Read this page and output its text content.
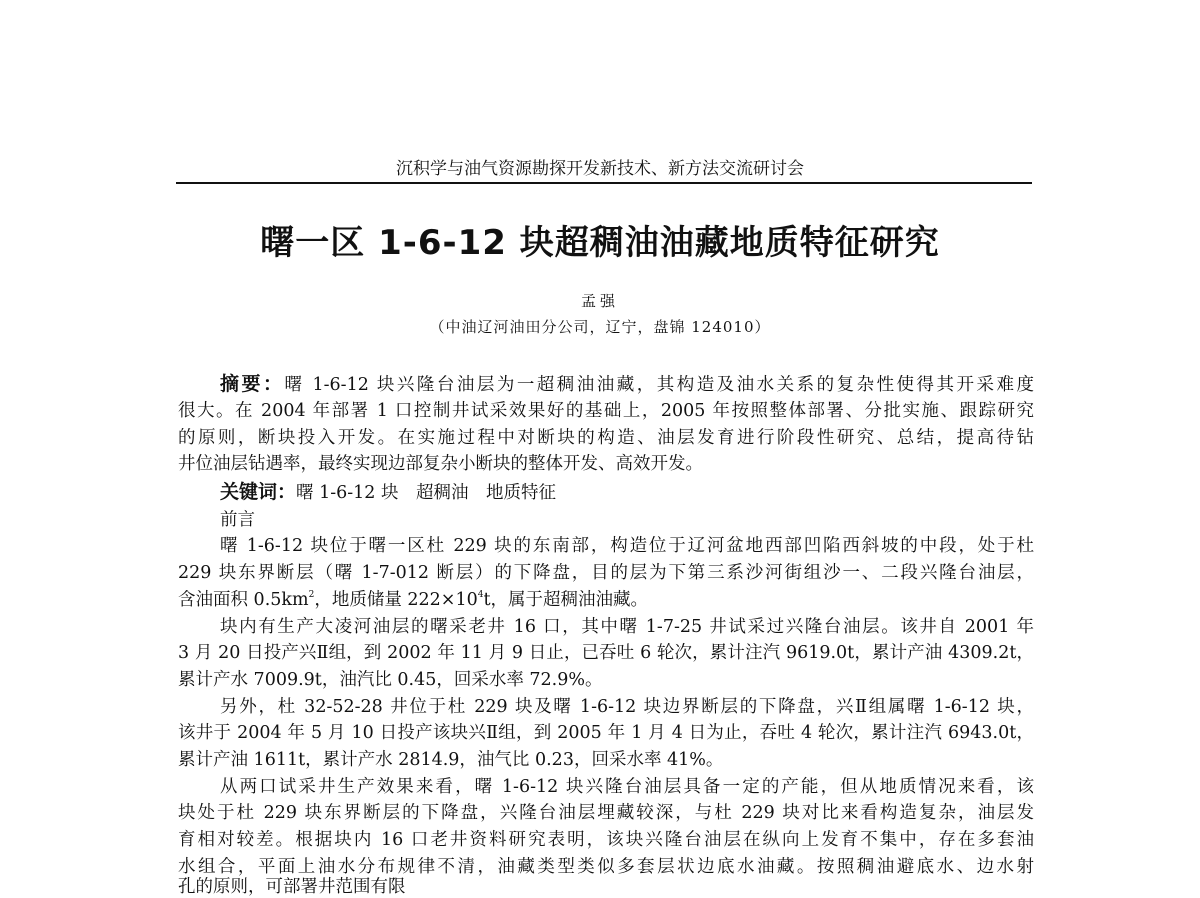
沉积学与油气资源勘探开发新技术、新方法交流研讨会
曙一区 1-6-12 块超稠油油藏地质特征研究
孟强
（中油辽河油田分公司，辽宁，盘锦 124010）
摘要：曙 1-6-12 块兴隆台油层为一超稠油油藏，其构造及油水关系的复杂性使得其开采难度
很大。在 2004 年部署 1 口控制井试采效果好的基础上，2005 年按照整体部署、分批实施、跟踪研究
的原则，断块投入开发。在实施过程中对断块的构造、油层发育进行阶段性研究、总结，提高待钻
井位油层钻遇率，最终实现边部复杂小断块的整体开发、高效开发。
关键词：曙 1-6-12 块　超稠油　地质特征
前言
曙 1-6-12 块位于曙一区杜 229 块的东南部，构造位于辽河盆地西部凹陷西斜坡的中段，处于杜
229 块东界断层（曙 1-7-012 断层）的下降盘，目的层为下第三系沙河街组沙一、二段兴隆台油层，
含油面积 $0.5km^2$，地质储量 $222\times 10^4t$，属于超稠油油藏。
块内有生产大凌河油层的曙采老井 16 口，其中曙 1-7-25 井试采过兴隆台油层。该井自 2001 年
3 月 20 日投产兴Ⅱ组，到 2002 年 11 月 9 日止，已吞吐 6 轮次，累计注汽 9619.0t，累计产油 4309.2t，
累计产水 7009.9t，油汽比 0.45，回采水率 72.9%。
另外，杜 32-52-28 井位于杜 229 块及曙 1-6-12 块边界断层的下降盘，兴Ⅱ组属曙 1-6-12 块，
该井于 2004 年 5 月 10 日投产该块兴Ⅱ组，到 2005 年 1 月 4 日为止，吞吐 4 轮次，累计注汽 6943.0t，
累计产油 1611t，累计产水 2814.9，油气比 0.23，回采水率 41%。
从两口试采井生产效果来看，曙 1-6-12 块兴隆台油层具备一定的产能，但从地质情况来看，该
块处于杜 229 块东界断层的下降盘，兴隆台油层埋藏较深，与杜 229 块对比来看构造复杂，油层发
育相对较差。根据块内 16 口老井资料研究表明，该块兴隆台油层在纵向上发育不集中，存在多套油
水组合，平面上油水分布规律不清，油藏类型类似多套层状边底水油藏。按照稠油避底水、边水射
孔的原则，可部署井范围有限
